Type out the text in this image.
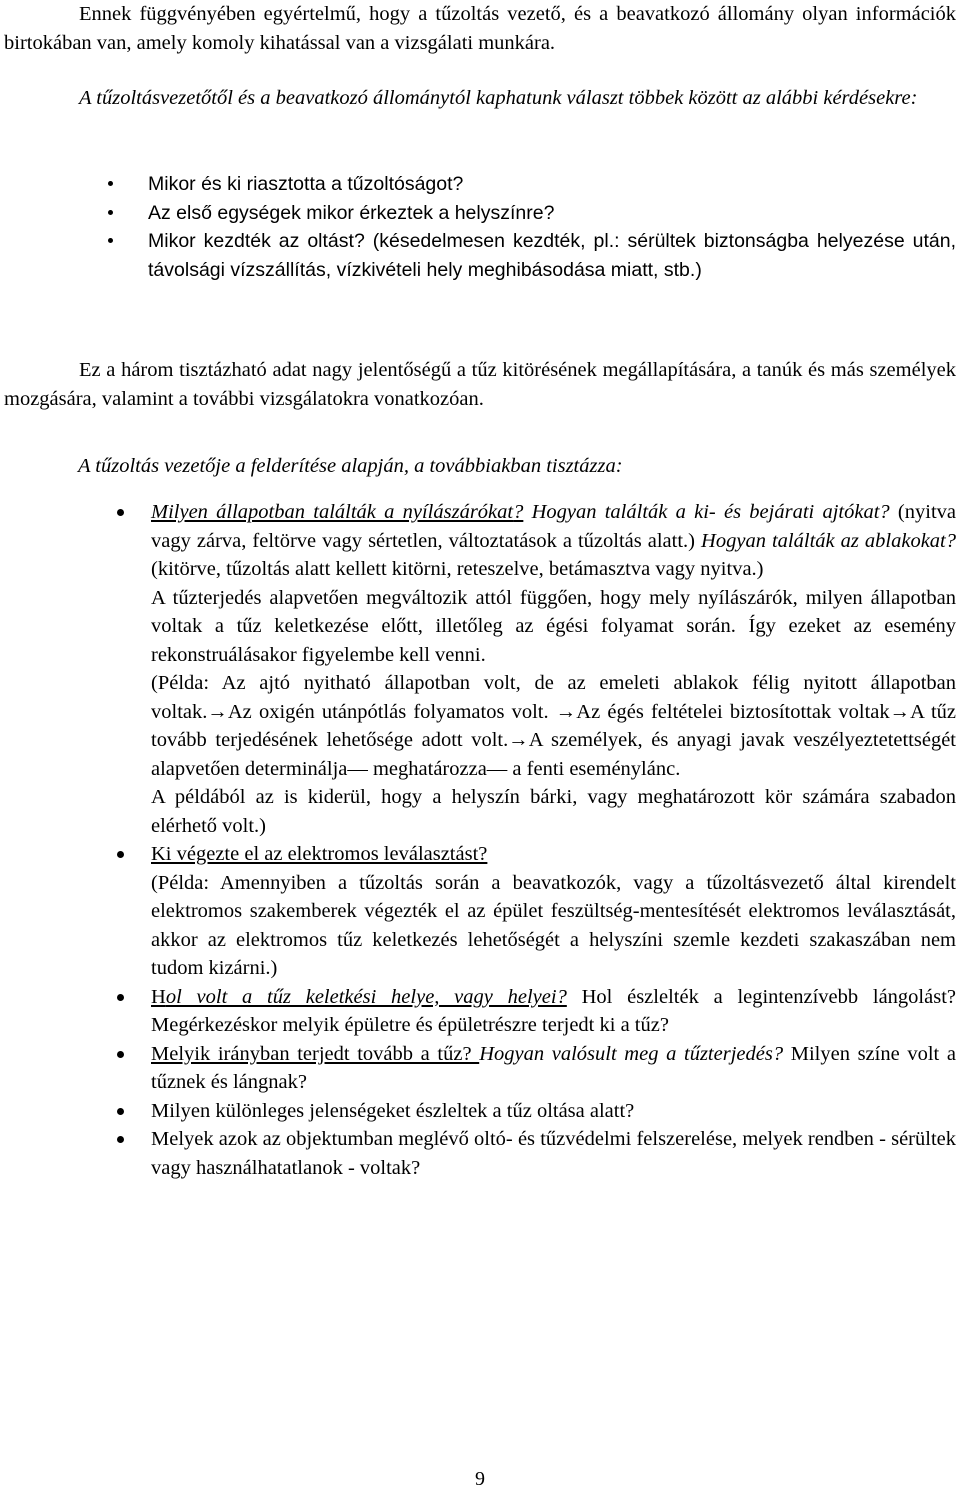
Ennek függvényében egyértelmű, hogy a tűzoltás vezető, és a beavatkozó állomány olyan információk birtokában van, amely komoly kihatással van a vizsgálati munkára.

A tűzoltásvezetőtől és a beavatkozó állománytól kaphatunk választ többek között az alábbi kérdésekre:

Mikor és ki riasztotta a tűzoltóságot?
Az első egységek mikor érkeztek a helyszínre?
Mikor kezdték az oltást? (késedelmesen kezdték, pl.: sérültek biztonságba helyezése után, távolsági vízszállítás, vízkivételi hely meghibásodása miatt, stb.)

Ez a három tisztázható adat nagy jelentőségű a tűz kitörésének megállapítására, a tanúk és más személyek mozgására, valamint a további vizsgálatokra vonatkozóan.

A tűzoltás vezetője a felderítése alapján, a továbbiakban tisztázza:

Milyen állapotban találták a nyílászárókat? Hogyan találták a ki- és bejárati ajtókat? (nyitva vagy zárva, feltörve vagy sértetlen, változtatások a tűzoltás alatt.) Hogyan találták az ablakokat? (kitörve, tűzoltás alatt kellett kitörni, reteszelve, betámasztva vagy nyitva.)

A tűzterjedés alapvetően megváltozik attól függően, hogy mely nyílászárók, milyen állapotban voltak a tűz keletkezése előtt, illetőleg az égési folyamat során. Így ezeket az esemény rekonstruálásakor figyelembe kell venni.

(Példa: Az ajtó nyitható állapotban volt, de az emeleti ablakok félig nyitott állapotban voltak.→Az oxigén utánpótlás folyamatos volt. →Az égés feltételei biztosítottak voltak→A tűz tovább terjedésének lehetősége adott volt.→A személyek, és anyagi javak veszélyeztetettségét alapvetően determinálja— meghatározza— a fenti eseménylánc.

A példából az is kiderül, hogy a helyszín bárki, vagy meghatározott kör számára szabadon elérhető volt.)

Ki végezte el az elektromos leválasztást?

(Példa: Amennyiben a tűzoltás során a beavatkozók, vagy a tűzoltásvezető által kirendelt elektromos szakemberek végezték el az épület feszültség-mentesítését elektromos leválasztását, akkor az elektromos tűz keletkezés lehetőségét a helyszíni szemle kezdeti szakaszában nem tudom kizárni.)

Hol volt a tűz keletkési helye, vagy helyei? Hol észlelték a legintenzívebb lángolást? Megérkezéskor melyik épületre és épületrészre terjedt ki a tűz?

Melyik irányban terjedt tovább a tűz? Hogyan valósult meg a tűzterjedés? Milyen színe volt a tűznek és lángnak?

Milyen különleges jelenségeket észleltek a tűz oltása alatt?

Melyek azok az objektumban meglévő oltó- és tűzvédelmi felszerelése, melyek rendben - sérültek vagy használhatatlanok - voltak?

9
